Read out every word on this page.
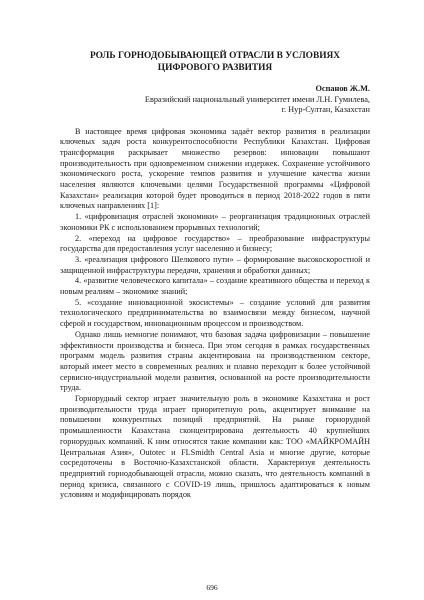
РОЛЬ ГОРНОДОБЫВАЮЩЕЙ ОТРАСЛИ В УСЛОВИЯХ
ЦИФРОВОГО РАЗВИТИЯ
Оспанов Ж.М.
Евразийский национальный университет имени Л.Н. Гумилева,
г. Нур-Султан, Казахстан

В настоящее время цифровая экономика задаёт вектор развития в реализации ключевых задач роста конкурентоспособности Республики Казахстан. Цифровая трансформация раскрывает множество резервов: инновации повышают производительность при одновременном снижении издержек. Сохранение устойчивого экономического роста, ускорение темпов развития и улучшение качества жизни населения являются ключевыми целями Государственной программы «Цифровой Казахстан» реализация которой будет проводиться в период 2018-2022 годов в пяти ключевых направлениях [1]:

1. «цифровизация отраслей экономики» – реорганизация традиционных отраслей экономики РК с использованием прорывных технологий;

2. «переход на цифровое государство» – преобразование инфраструктуры государства для предоставления услуг населению и бизнесу;

3. «реализация цифрового Шелкового пути» – формирование высокоскоростной и защищенной инфраструктуры передачи, хранения и обработки данных;

4. «развитие человеческого капитала» – создание креативного общества и переход к новым реалиям – экономике знаний;

5. «создание инновационной экосистемы» – создание условий для развития технологического предпринимательства во взаимосвязи между бизнесом, научной сферой и государством, инновационным процессом и производством.

Однако лишь немногие понимают, что базовая задача цифровизации – повышение эффективности производства и бизнеса. При этом сегодня в рамках государственных программ модель развития страны акцентирована на производственном секторе, который имеет место в современных реалиях и плавно переходит к более устойчивой сервисно-индустриальной модели развития, основанной на росте производительности труда.

Горнорудный сектор играет значительную роль в экономике Казахстана и рост производительности труда играет приоритетную роль, акцентирует внимание на повышении конкурентных позиций предприятий. На рынке горнорудной промышленности Казахстана сконцентрирована деятельность 40 крупнейших горнорудных компаний. К ним относятся такие компании как: ТОО «МАЙКРОМАЙН Центральная Азия», Outotec и FLSmidth Central Asia и многие другие, которые сосредоточены в Восточно-Казахстанской области. Характеризуя деятельность предприятий горнодобывающей отрасли, можно сказать, что деятельность компаний в период кризиса, связанного с COVID-19 лишь, пришлось адаптироваться к новым условиям и модифицировать порядок

696
